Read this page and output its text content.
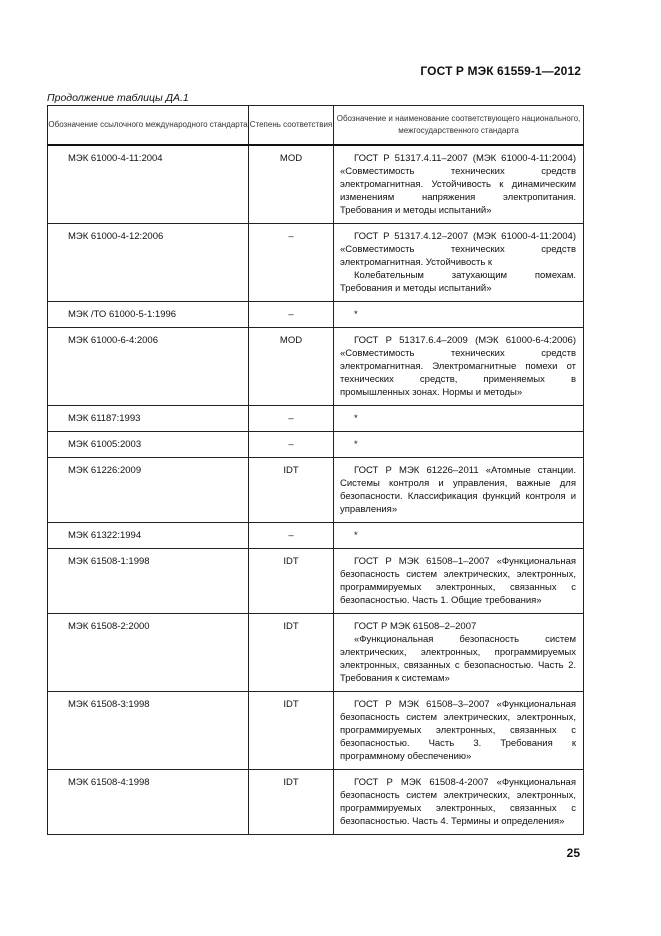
ГОСТ Р МЭК 61559-1—2012
Продолжение таблицы ДА.1
Обозначение ссылочного международного стандарта	Степень соответствия	Обозначение и наименование соответствующего национального, межгосударственного стандарта

МЭК 61000-4-11:2004	MOD	ГОСТ Р 51317.4.11–2007 (МЭК 61000-4-11:2004) «Совместимость технических средств электромагнитная. Устойчивость к динамическим изменениям напряжения электропитания. Требования и методы испытаний»

МЭК 61000-4-12:2006	–	ГОСТ Р 51317.4.12–2007 (МЭК 61000-4-11:2004) «Совместимость технических средств электромагнитная. Устойчивость к
Колебательным затухающим помехам. Требования и методы испытаний»

МЭК /ТО 61000-5-1:1996	–	*

МЭК 61000-6-4:2006	MOD	ГОСТ Р 51317.6.4–2009 (МЭК 61000-6-4:2006) «Совместимость технических средств электромагнитная. Электромагнитные помехи от технических средств, применяемых в промышленных зонах. Нормы и методы»

МЭК 61187:1993	–	*

МЭК 61005:2003	–	*

МЭК 61226:2009	IDT	ГОСТ Р МЭК 61226–2011 «Атомные станции. Системы контроля и управления, важные для безопасности. Классификация функций контроля и управления»

МЭК 61322:1994	–	*

МЭК 61508-1:1998	IDT	ГОСТ Р МЭК 61508–1–2007 «Функциональная безопасность систем электрических, электронных, программируемых электронных, связанных с безопасностью. Часть 1. Общие требования»

МЭК 61508-2:2000	IDT	ГОСТ Р МЭК 61508–2–2007
«Функциональная безопасность систем электрических, электронных, программируемых электронных, связанных с безопасностью. Часть 2. Требования к системам»

МЭК 61508-3:1998	IDT	ГОСТ Р МЭК 61508–3–2007 «Функциональная безопасность систем электрических, электронных, программируемых электронных, связанных с безопасностью. Часть 3. Требования к программному обеспечению»

МЭК 61508-4:1998	IDT	ГОСТ Р МЭК 61508-4-2007 «Функциональная безопасность систем электрических, электронных, программируемых электронных, связанных с безопасностью. Часть 4. Термины и определения»
25
